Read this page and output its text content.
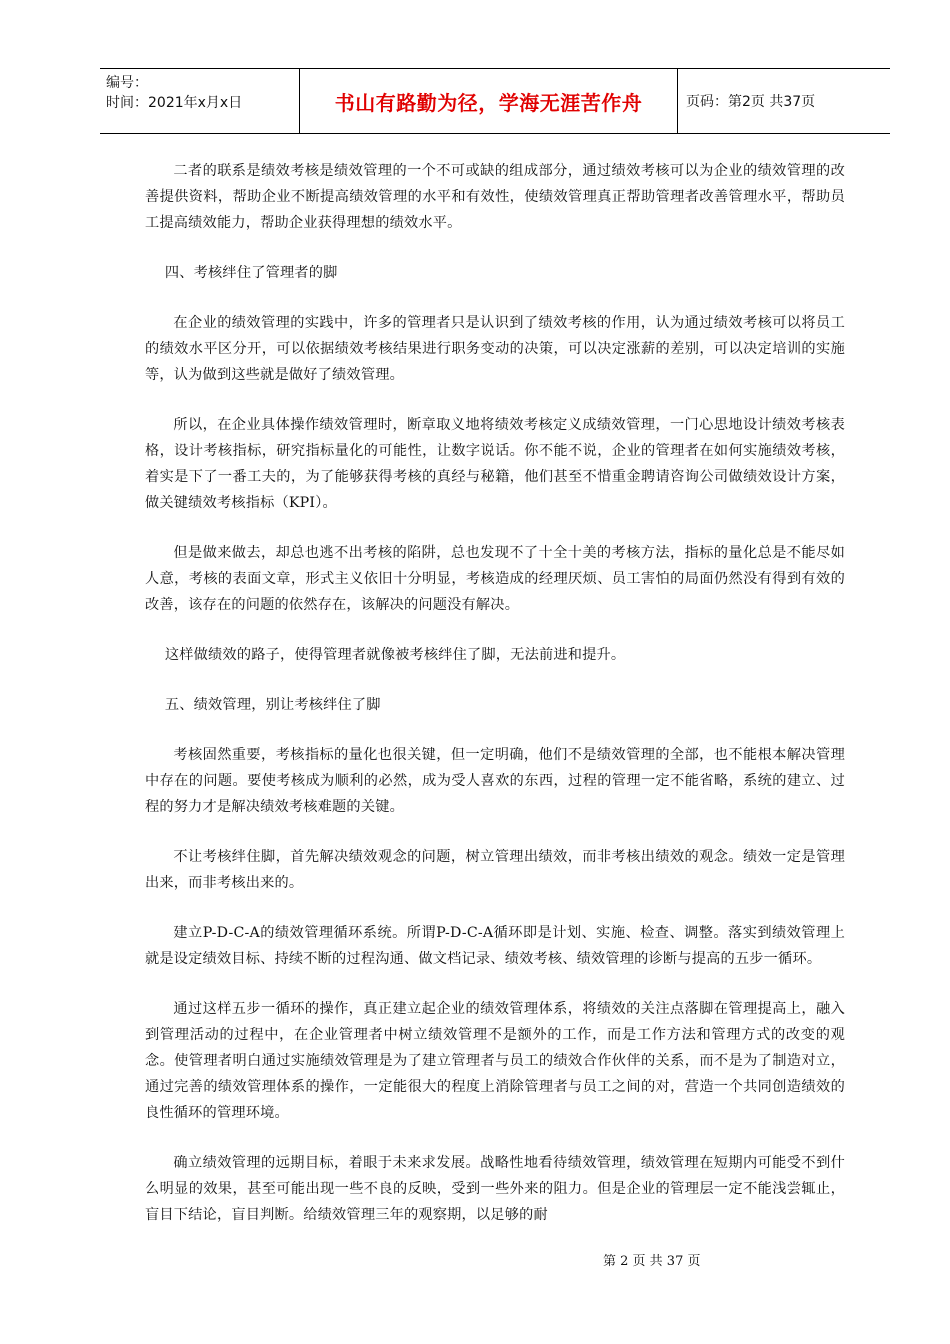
编号：
时间：2021年x月x日	书山有路勤为径，学海无涯苦作舟	页码：第2页 共37页

二者的联系是绩效考核是绩效管理的一个不可或缺的组成部分，通过绩效考核可以为企业的绩效管理的改善提供资料，帮助企业不断提高绩效管理的水平和有效性，使绩效管理真正帮助管理者改善管理水平，帮助员工提高绩效能力，帮助企业获得理想的绩效水平。

四、考核绊住了管理者的脚

在企业的绩效管理的实践中，许多的管理者只是认识到了绩效考核的作用，认为通过绩效考核可以将员工的绩效水平区分开，可以依据绩效考核结果进行职务变动的决策，可以决定涨薪的差别，可以决定培训的实施等，认为做到这些就是做好了绩效管理。

所以，在企业具体操作绩效管理时，断章取义地将绩效考核定义成绩效管理，一门心思地设计绩效考核表格，设计考核指标，研究指标量化的可能性，让数字说话。你不能不说，企业的管理者在如何实施绩效考核，着实是下了一番工夫的，为了能够获得考核的真经与秘籍，他们甚至不惜重金聘请咨询公司做绩效设计方案，做关键绩效考核指标（KPI）。

但是做来做去，却总也逃不出考核的陷阱，总也发现不了十全十美的考核方法，指标的量化总是不能尽如人意，考核的表面文章，形式主义依旧十分明显，考核造成的经理厌烦、员工害怕的局面仍然没有得到有效的改善，该存在的问题的依然存在，该解决的问题没有解决。

这样做绩效的路子，使得管理者就像被考核绊住了脚，无法前进和提升。

五、绩效管理，别让考核绊住了脚

考核固然重要，考核指标的量化也很关键，但一定明确，他们不是绩效管理的全部，也不能根本解决管理中存在的问题。要使考核成为顺利的必然，成为受人喜欢的东西，过程的管理一定不能省略，系统的建立、过程的努力才是解决绩效考核难题的关键。

不让考核绊住脚，首先解决绩效观念的问题，树立管理出绩效，而非考核出绩效的观念。绩效一定是管理出来，而非考核出来的。

建立P-D-C-A的绩效管理循环系统。所谓P-D-C-A循环即是计划、实施、检查、调整。落实到绩效管理上就是设定绩效目标、持续不断的过程沟通、做文档记录、绩效考核、绩效管理的诊断与提高的五步一循环。

通过这样五步一循环的操作，真正建立起企业的绩效管理体系，将绩效的关注点落脚在管理提高上，融入到管理活动的过程中，在企业管理者中树立绩效管理不是额外的工作，而是工作方法和管理方式的改变的观念。使管理者明白通过实施绩效管理是为了建立管理者与员工的绩效合作伙伴的关系，而不是为了制造对立，通过完善的绩效管理体系的操作，一定能很大的程度上消除管理者与员工之间的对，营造一个共同创造绩效的良性循环的管理环境。

确立绩效管理的远期目标，着眼于未来求发展。战略性地看待绩效管理，绩效管理在短期内可能受不到什么明显的效果，甚至可能出现一些不良的反映，受到一些外来的阻力。但是企业的管理层一定不能浅尝辄止，盲目下结论，盲目判断。给绩效管理三年的观察期，以足够的耐

第 2 页 共 37 页
